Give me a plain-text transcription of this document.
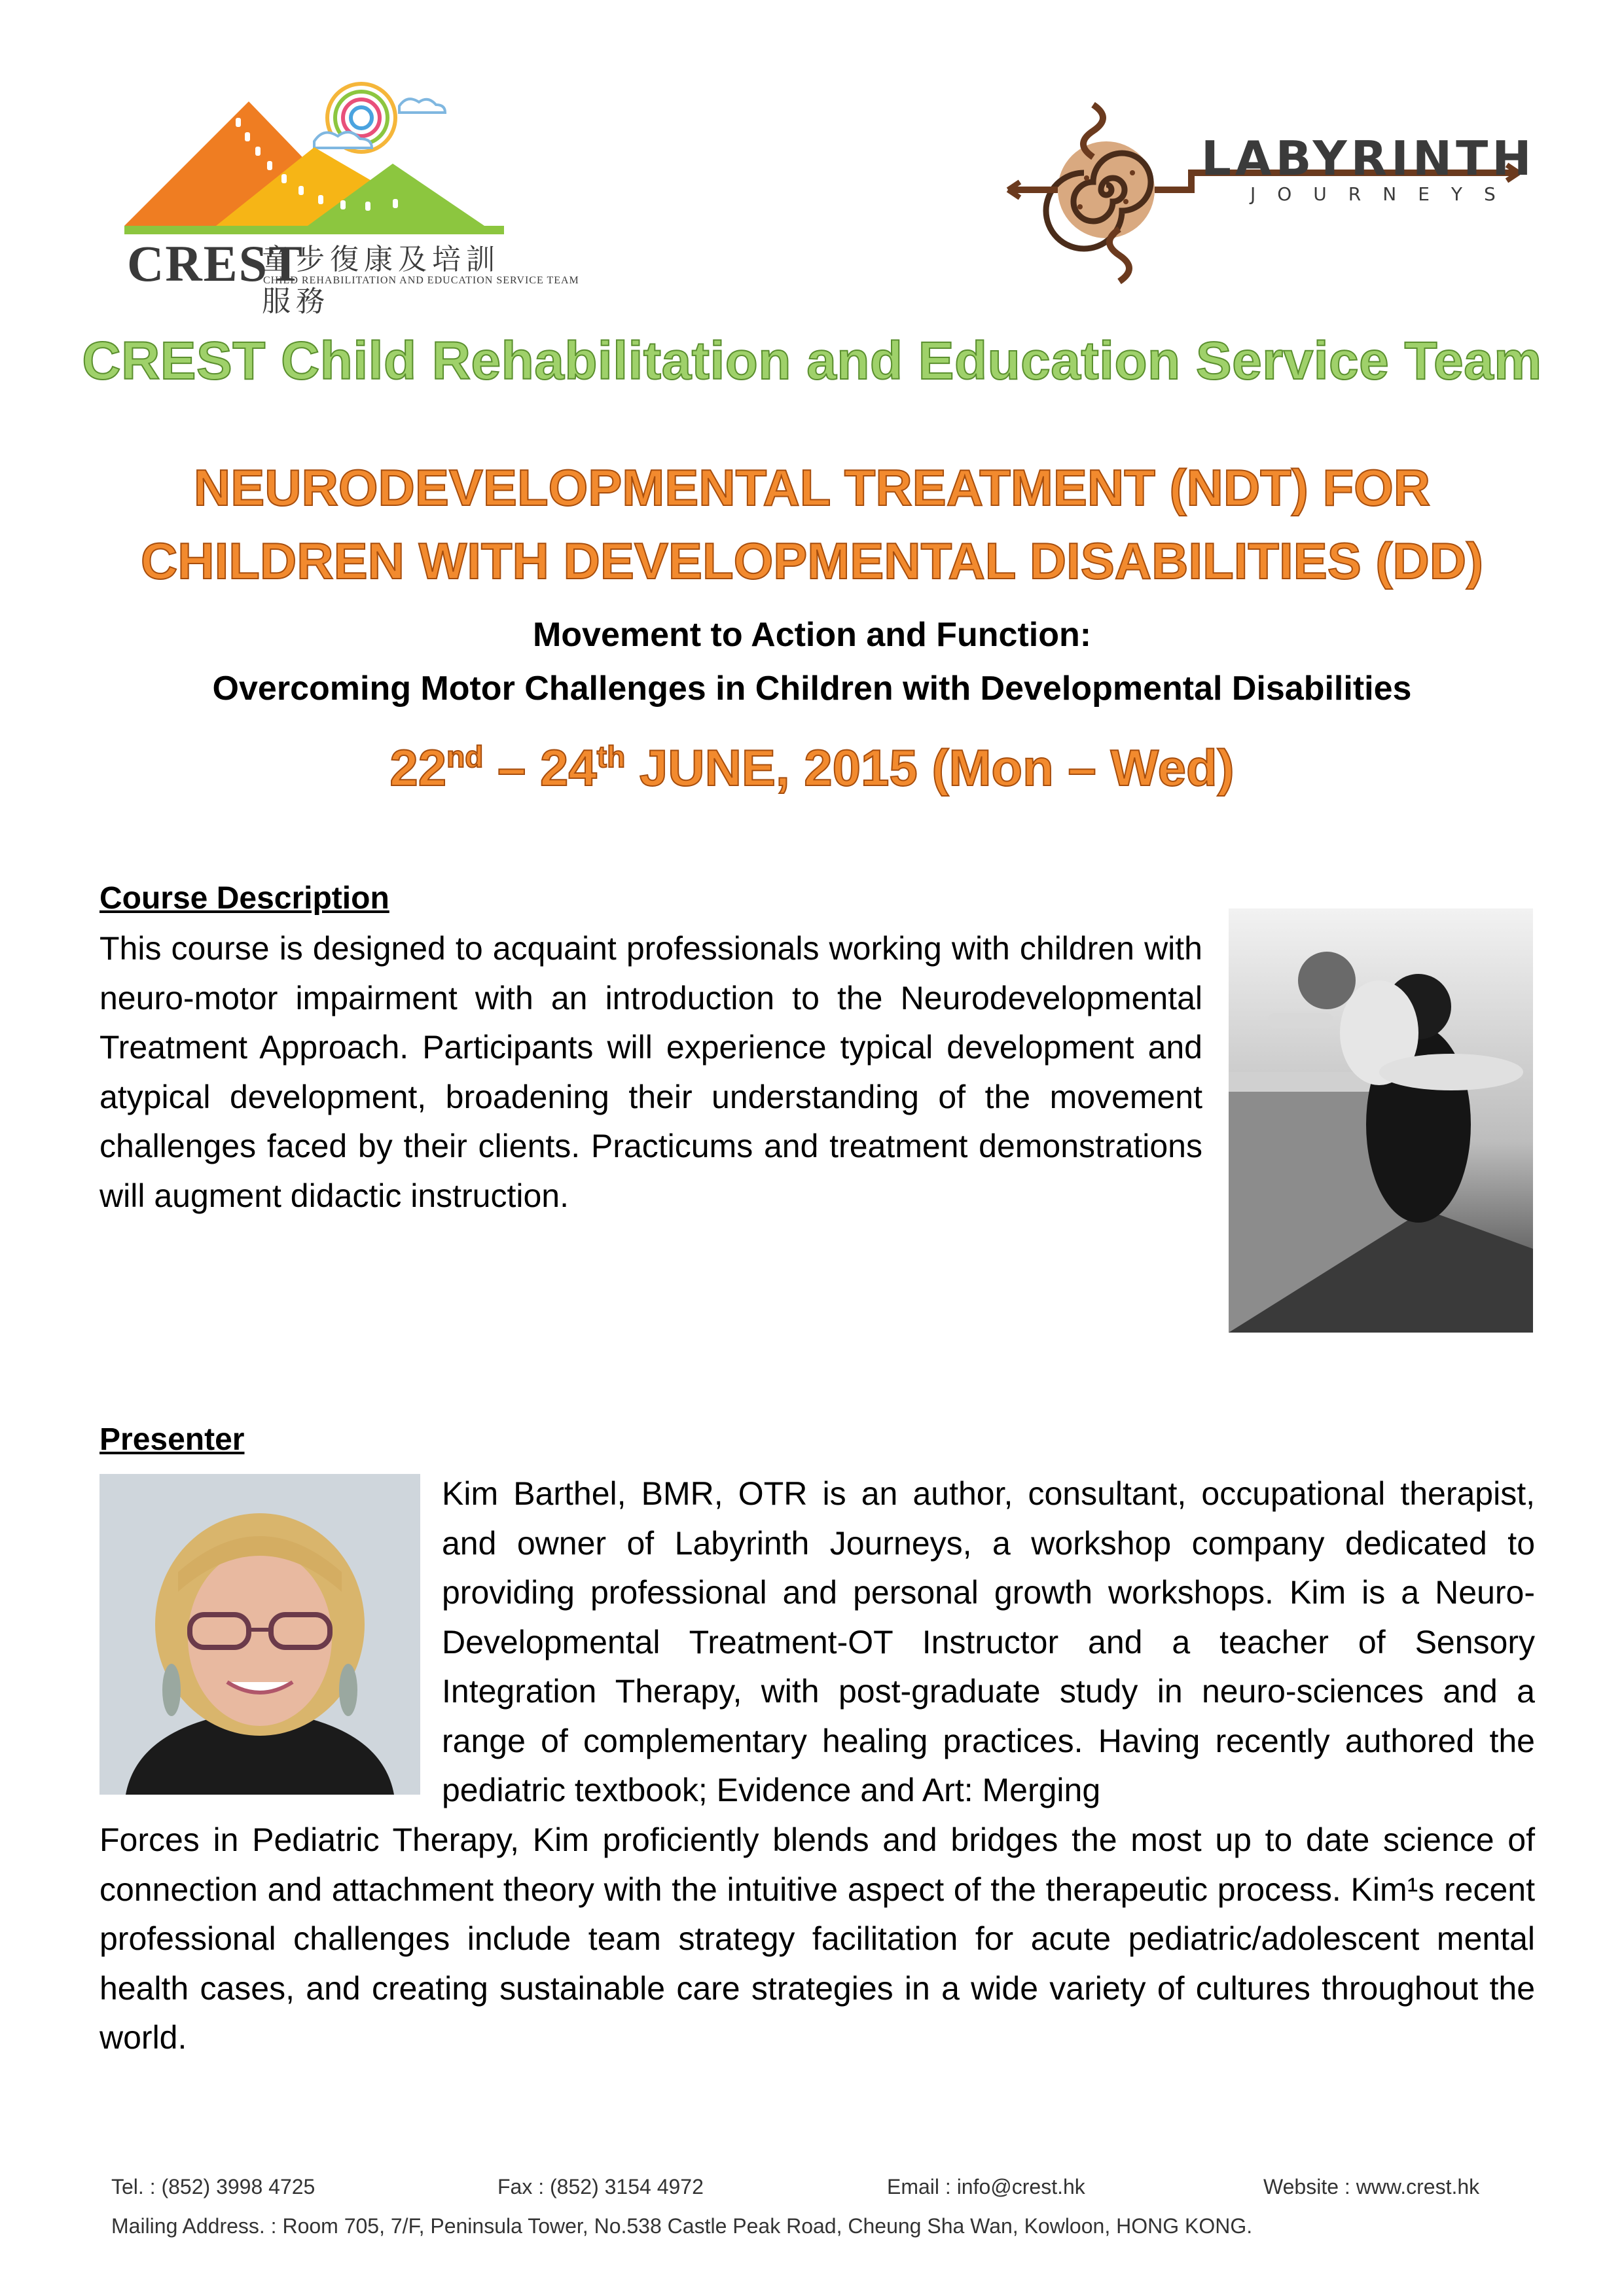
CREST
童步復康及培訓服務
CHILD REHABILITATION AND EDUCATION SERVICE TEAM
LABYRINTH
JOURNEYS
CREST Child Rehabilitation and Education Service Team
NEURODEVELOPMENTAL TREATMENT (NDT) FOR
CHILDREN WITH DEVELOPMENTAL DISABILITIES (DD)
Movement to Action and Function:
Overcoming Motor Challenges in Children with Developmental Disabilities
22nd – 24th JUNE, 2015 (Mon – Wed)
Course Description
This course is designed to acquaint professionals working with children with neuro-motor impairment with an introduction to the Neurodevelopmental Treatment Approach. Participants will experience typical development and atypical development, broadening their understanding of the movement challenges faced by their clients. Practicums and treatment demonstrations will augment didactic instruction.
Presenter
Kim Barthel, BMR, OTR is an author, consultant, occupational therapist, and owner of Labyrinth Journeys, a workshop company dedicated to providing professional and personal growth workshops. Kim is a Neuro-Developmental Treatment-OT Instructor and a teacher of Sensory Integration Therapy, with post-graduate study in neuro-sciences and a range of complementary healing practices. Having recently authored the pediatric textbook; Evidence and Art: Merging
Forces in Pediatric Therapy, Kim proficiently blends and bridges the most up to date science of connection and attachment theory with the intuitive aspect of the therapeutic process. Kim¹s recent professional challenges include team strategy facilitation for acute pediatric/adolescent mental health cases, and creating sustainable care strategies in a wide variety of cultures throughout the world.
Tel. : (852) 3998 4725	Fax : (852) 3154 4972	Email : info@crest.hk	Website : www.crest.hk
Mailing Address. : Room 705, 7/F, Peninsula Tower, No.538 Castle Peak Road, Cheung Sha Wan, Kowloon, HONG KONG.
